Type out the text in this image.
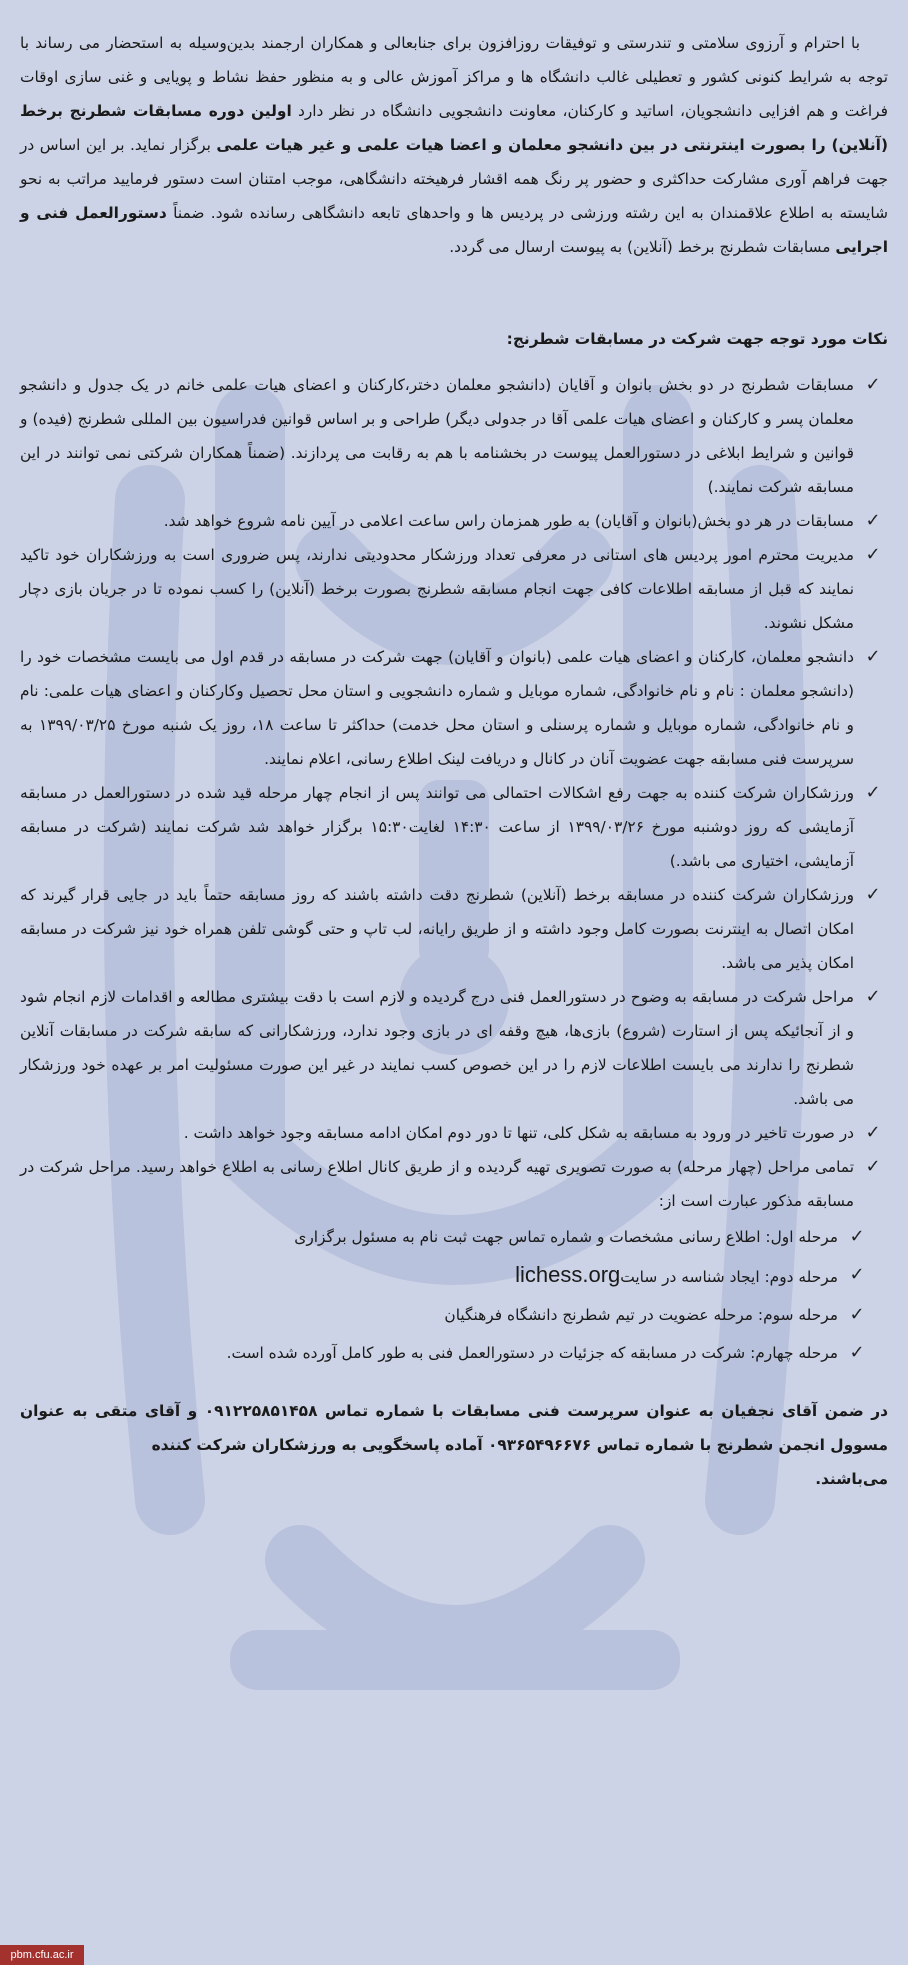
با احترام و آرزوی سلامتی و تندرستی و توفیقات روزافزون برای جنابعالی و همکاران ارجمند بدین‌وسیله به استحضار می رساند با توجه به شرایط کنونی کشور و تعطیلی غالب دانشگاه ها و مراکز آموزش عالی و به منظور حفظ نشاط و پویایی و غنی سازی اوقات فراغت و هم افزایی دانشجویان، اساتید و کارکنان، معاونت دانشجویی دانشگاه در نظر دارد اولین دوره مسابقات شطرنج برخط (آنلاین) را بصورت اینترنتی در بین دانشجو معلمان و اعضا هیات علمی و غیر هیات علمی برگزار نماید. بر این اساس در جهت فراهم آوری مشارکت حداکثری و حضور پر رنگ همه اقشار فرهیخته دانشگاهی، موجب امتنان است دستور فرمایید مراتب به نحو شایسته به اطلاع علاقمندان به این رشته ورزشی در پردیس ها و واحدهای تابعه دانشگاهی رسانده شود. ضمناً دستورالعمل فنی و اجرایی مسابقات شطرنج برخط (آنلاین) به پیوست ارسال می گردد.

نکات مورد توجه جهت شرکت در مسابقات شطرنج:

✓
مسابقات شطرنج در دو بخش بانوان و آقایان (دانشجو معلمان دختر،کارکنان و اعضای هیات علمی خانم در یک جدول و دانشجو معلمان پسر و کارکنان و اعضای هیات علمی آقا در جدولی دیگر) طراحی و بر اساس قوانین فدراسیون بین المللی شطرنج (فیده) و قوانین و شرایط ابلاغی در دستورالعمل پیوست در بخشنامه با هم به رقابت می پردازند. (ضمناً همکاران شرکتی نمی توانند در این مسابقه شرکت نمایند.)
✓
مسابقات در هر دو بخش(بانوان و آقایان) به طور همزمان راس ساعت اعلامی در آیین نامه شروع خواهد شد.
✓
مدیریت محترم امور پردیس های استانی در معرفی تعداد ورزشکار محدودیتی ندارند، پس ضروری است به ورزشکاران خود تاکید نمایند که قبل از مسابقه اطلاعات کافی جهت انجام مسابقه شطرنج بصورت برخط (آنلاین) را کسب نموده تا در جریان بازی دچار مشکل نشوند.
✓
دانشجو معلمان، کارکنان و اعضای هیات علمی (بانوان و آقایان) جهت شرکت در مسابقه در قدم اول می بایست مشخصات خود را (دانشجو معلمان : نام و نام خانوادگی، شماره موبایل و شماره دانشجویی و استان محل تحصیل وکارکنان و اعضای هیات علمی: نام و نام خانوادگی، شماره موبایل و شماره پرسنلی و استان محل خدمت) حداکثر تا ساعت ۱۸، روز یک شنبه مورخ ۱۳۹۹/۰۳/۲۵ به سرپرست فنی مسابقه جهت عضویت آنان در کانال و دریافت لینک اطلاع رسانی، اعلام نمایند.
✓
ورزشکاران شرکت کننده به جهت رفع اشکالات احتمالی می توانند پس از انجام چهار مرحله قید شده در دستورالعمل در مسابقه آزمایشی که روز دوشنبه مورخ ۱۳۹۹/۰۳/۲۶ از ساعت ۱۴:۳۰ لغایت۱۵:۳۰ برگزار خواهد شد شرکت نمایند (شرکت در مسابقه آزمایشی، اختیاری می باشد.)
✓
ورزشکاران شرکت کننده در مسابقه برخط (آنلاین) شطرنج دقت داشته باشند که روز مسابقه حتماً باید در جایی قرار گیرند که امکان اتصال به اینترنت بصورت کامل وجود داشته و از طریق رایانه، لب تاپ و حتی گوشی تلفن همراه خود نیز شرکت در مسابقه امکان پذیر می باشد.
✓
مراحل شرکت در مسابقه به وضوح در دستورالعمل فنی درج گردیده و لازم است با دقت بیشتری مطالعه و اقدامات لازم انجام شود و از آنجائیکه پس از استارت (شروع) بازی‌ها، هیچ وقفه ای در بازی وجود ندارد، ورزشکارانی که سابقه شرکت در مسابقات آنلاین شطرنج را ندارند می بایست اطلاعات لازم را در این خصوص کسب نمایند در غیر این صورت مسئولیت امر بر عهده خود ورزشکار می باشد.
✓
در صورت تاخیر در ورود به مسابقه به شکل کلی، تنها تا دور دوم امکان ادامه مسابقه وجود خواهد داشت .
✓
تمامی مراحل (چهار مرحله) به صورت تصویری تهیه گردیده و از طریق کانال اطلاع رسانی به اطلاع خواهد رسید. مراحل شرکت در مسابقه مذکور عبارت است از:
✓
مرحله اول: اطلاع رسانی مشخصات و شماره تماس جهت ثبت نام به مسئول برگزاری
✓
مرحله دوم: ایجاد شناسه در سایتlichess.org
✓
مرحله سوم: مرحله عضویت در تیم شطرنج دانشگاه فرهنگیان
✓
مرحله چهارم: شرکت در مسابقه که جزئیات در دستورالعمل فنی به طور کامل آورده شده است.

در ضمن آقای نجفیان به عنوان سرپرست فنی مسابقات با شماره تماس ۰۹۱۲۲۵۸۵۱۴۵۸ و آقای متقی به عنوان مسوول انجمن شطرنج با شماره تماس ۰۹۳۶۵۴۹۶۶۷۶ آماده پاسخگویی به ورزشکاران شرکت کننده
می‌باشند.

pbm.cfu.ac.ir
